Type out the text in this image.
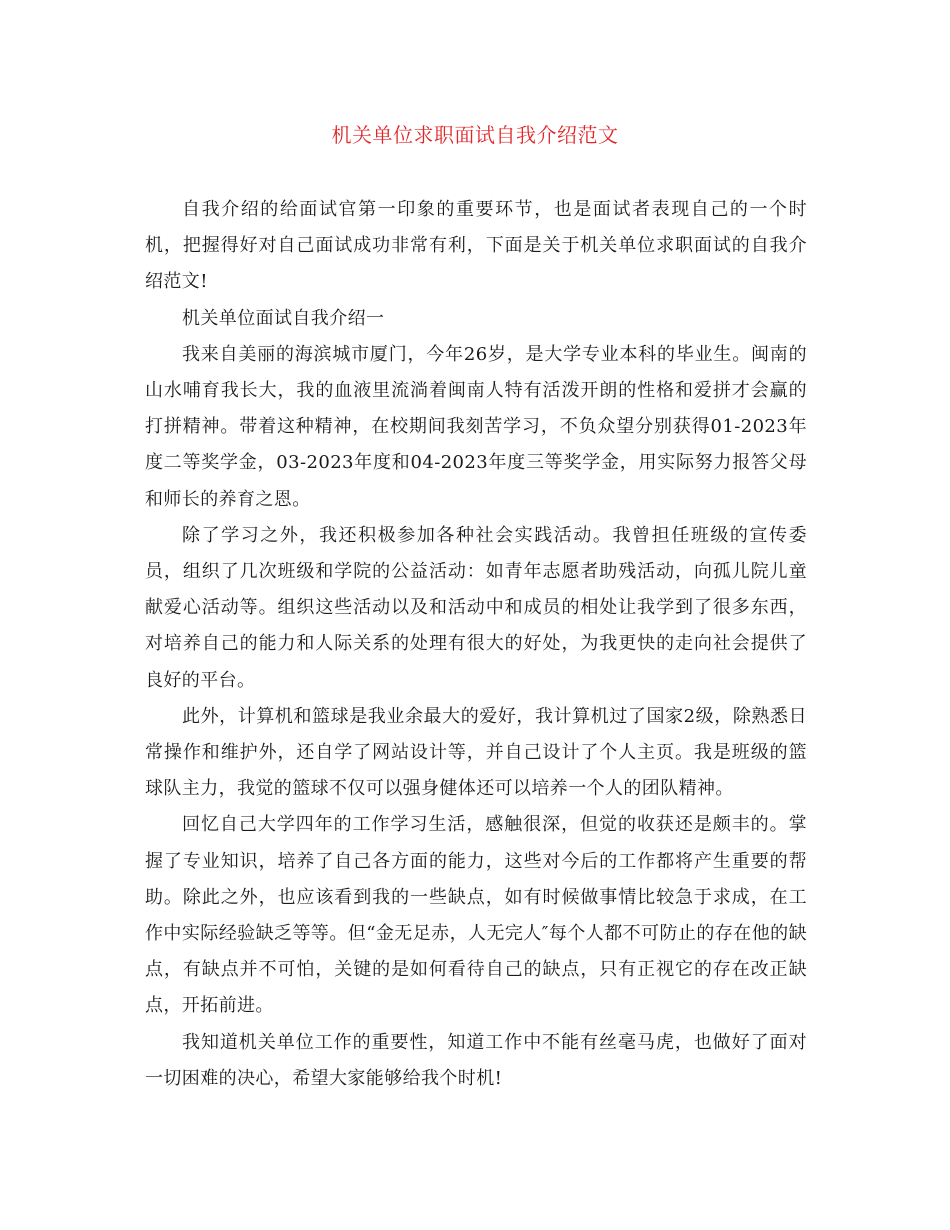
机关单位求职面试自我介绍范文

自我介绍的给面试官第一印象的重要环节，也是面试者表现自己的一个时机，把握得好对自己面试成功非常有利，下面是关于机关单位求职面试的自我介绍范文!

机关单位面试自我介绍一

我来自美丽的海滨城市厦门，今年26岁，是大学专业本科的毕业生。闽南的山水哺育我长大，我的血液里流淌着闽南人特有活泼开朗的性格和爱拼才会赢的打拼精神。带着这种精神，在校期间我刻苦学习，不负众望分别获得01-2023年度二等奖学金，03-2023年度和04-2023年度三等奖学金，用实际努力报答父母和师长的养育之恩。

除了学习之外，我还积极参加各种社会实践活动。我曾担任班级的宣传委员，组织了几次班级和学院的公益活动：如青年志愿者助残活动，向孤儿院儿童献爱心活动等。组织这些活动以及和活动中和成员的相处让我学到了很多东西，对培养自己的能力和人际关系的处理有很大的好处，为我更快的走向社会提供了良好的平台。

此外，计算机和篮球是我业余最大的爱好，我计算机过了国家2级，除熟悉日常操作和维护外，还自学了网站设计等，并自己设计了个人主页。我是班级的篮球队主力，我觉的篮球不仅可以强身健体还可以培养一个人的团队精神。

回忆自己大学四年的工作学习生活，感触很深，但觉的收获还是颇丰的。掌握了专业知识，培养了自己各方面的能力，这些对今后的工作都将产生重要的帮助。除此之外，也应该看到我的一些缺点，如有时候做事情比较急于求成，在工作中实际经验缺乏等等。但“金无足赤，人无完人″每个人都不可防止的存在他的缺点，有缺点并不可怕，关键的是如何看待自己的缺点，只有正视它的存在改正缺点，开拓前进。

我知道机关单位工作的重要性，知道工作中不能有丝毫马虎，也做好了面对一切困难的决心，希望大家能够给我个时机!
